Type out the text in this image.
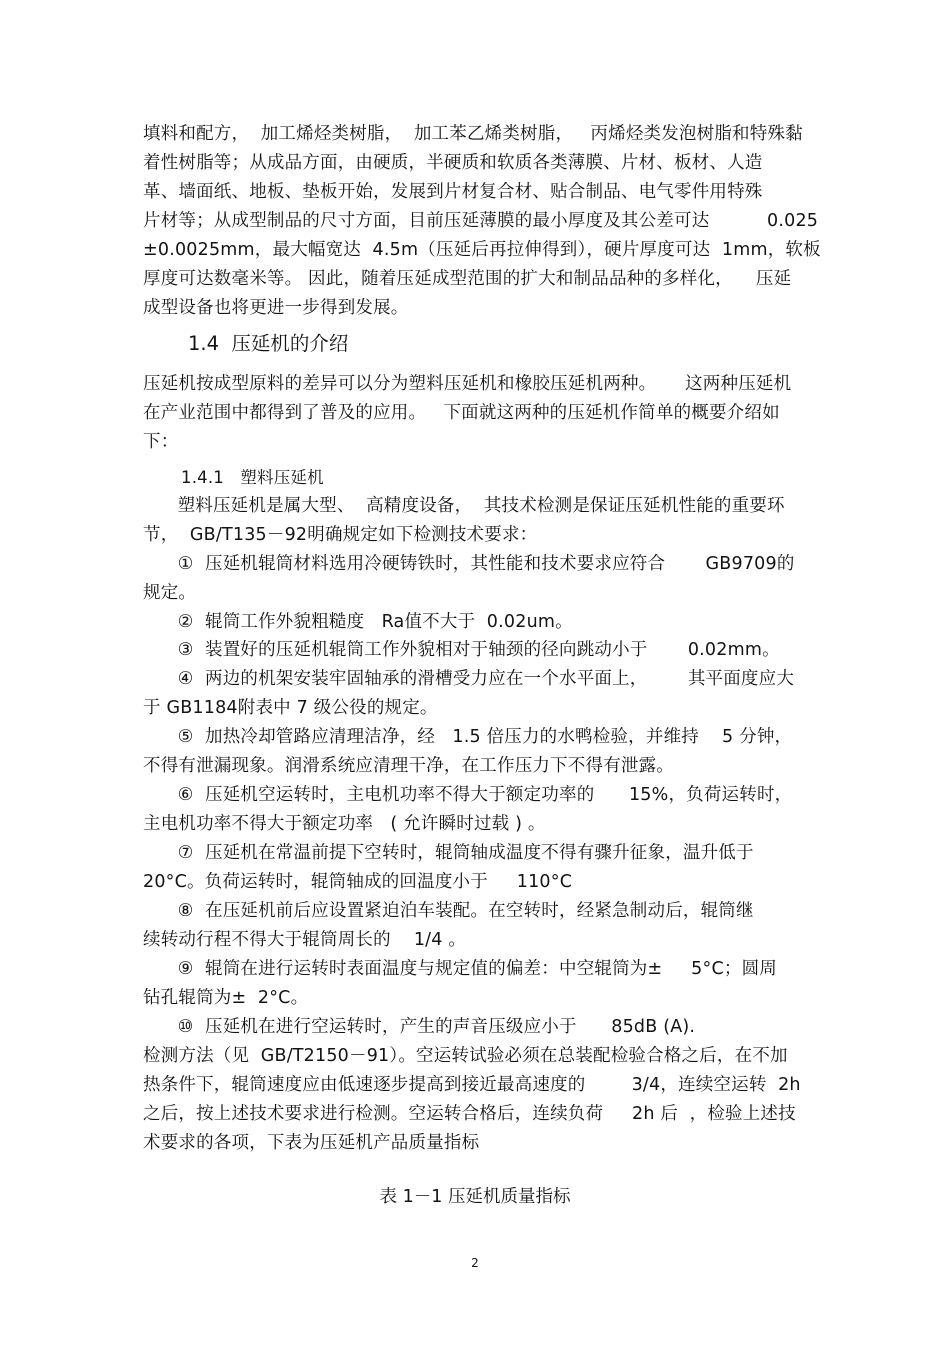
填料和配方，  加工烯烃类树脂，  加工苯乙烯类树脂，   丙烯烃类发泡树脂和特殊黏
着性树脂等；从成品方面，由硬质，半硬质和软质各类薄膜、片材、板材、人造
革、墙面纸、地板、垫板开始，发展到片材复合材、贴合制品、电气零件用特殊
片材等；从成型制品的尺寸方面，目前压延薄膜的最小厚度及其公差可达          0.025
±0.0025mm，最大幅宽达  4.5m（压延后再拉伸得到），硬片厚度可达  1mm，软板
厚度可达数毫米等。 因此，随着压延成型范围的扩大和制品品种的多样化，    压延
成型设备也将更进一步得到发展。
1.4  压延机的介绍
压延机按成型原料的差异可以分为塑料压延机和橡胶压延机两种。     这两种压延机
在产业范围中都得到了普及的应用。   下面就这两种的压延机作简单的概要介绍如
下：
1.4.1   塑料压延机
塑料压延机是属大型、  高精度设备，  其技术检测是保证压延机性能的重要环
节，  GB/T135－92明确规定如下检测技术要求：
①  压延机辊筒材料选用冷硬铸铁时，其性能和技术要求应符合       GB9709的
规定。
②  辊筒工作外貌粗糙度   Ra值不大于  0.02um。
③  装置好的压延机辊筒工作外貌相对于轴颈的径向跳动小于       0.02mm。
④  两边的机架安装牢固轴承的滑槽受力应在一个水平面上，       其平面度应大
于 GB1184附表中 7 级公役的规定。
⑤  加热冷却管路应清理洁净，经   1.5 倍压力的水鸭检验，并维持    5 分钟，
不得有泄漏现象。润滑系统应清理干净，在工作压力下不得有泄露。
⑥  压延机空运转时，主电机功率不得大于额定功率的      15%，负荷运转时，
主电机功率不得大于额定功率   ( 允许瞬时过载 ) 。
⑦  压延机在常温前提下空转时，辊筒轴成温度不得有骤升征象，温升低于
20°C。负荷运转时，辊筒轴成的回温度小于     110°C
⑧  在压延机前后应设置紧迫泊车装配。在空转时，经紧急制动后，辊筒继
续转动行程不得大于辊筒周长的    1/4 。
⑨  辊筒在进行运转时表面温度与规定值的偏差：中空辊筒为±     5°C；圆周
钻孔辊筒为±  2°C。
⑩  压延机在进行空运转时，产生的声音压级应小于      85dB (A).
检测方法（见  GB/T2150－91）。空运转试验必须在总装配检验合格之后，在不加
热条件下，辊筒速度应由低速逐步提高到接近最高速度的        3/4，连续空运转  2h
之后，按上述技术要求进行检测。空运转合格后，连续负荷     2h 后  ，检验上述技
术要求的各项，下表为压延机产品质量指标
表 1－1 压延机质量指标
2
